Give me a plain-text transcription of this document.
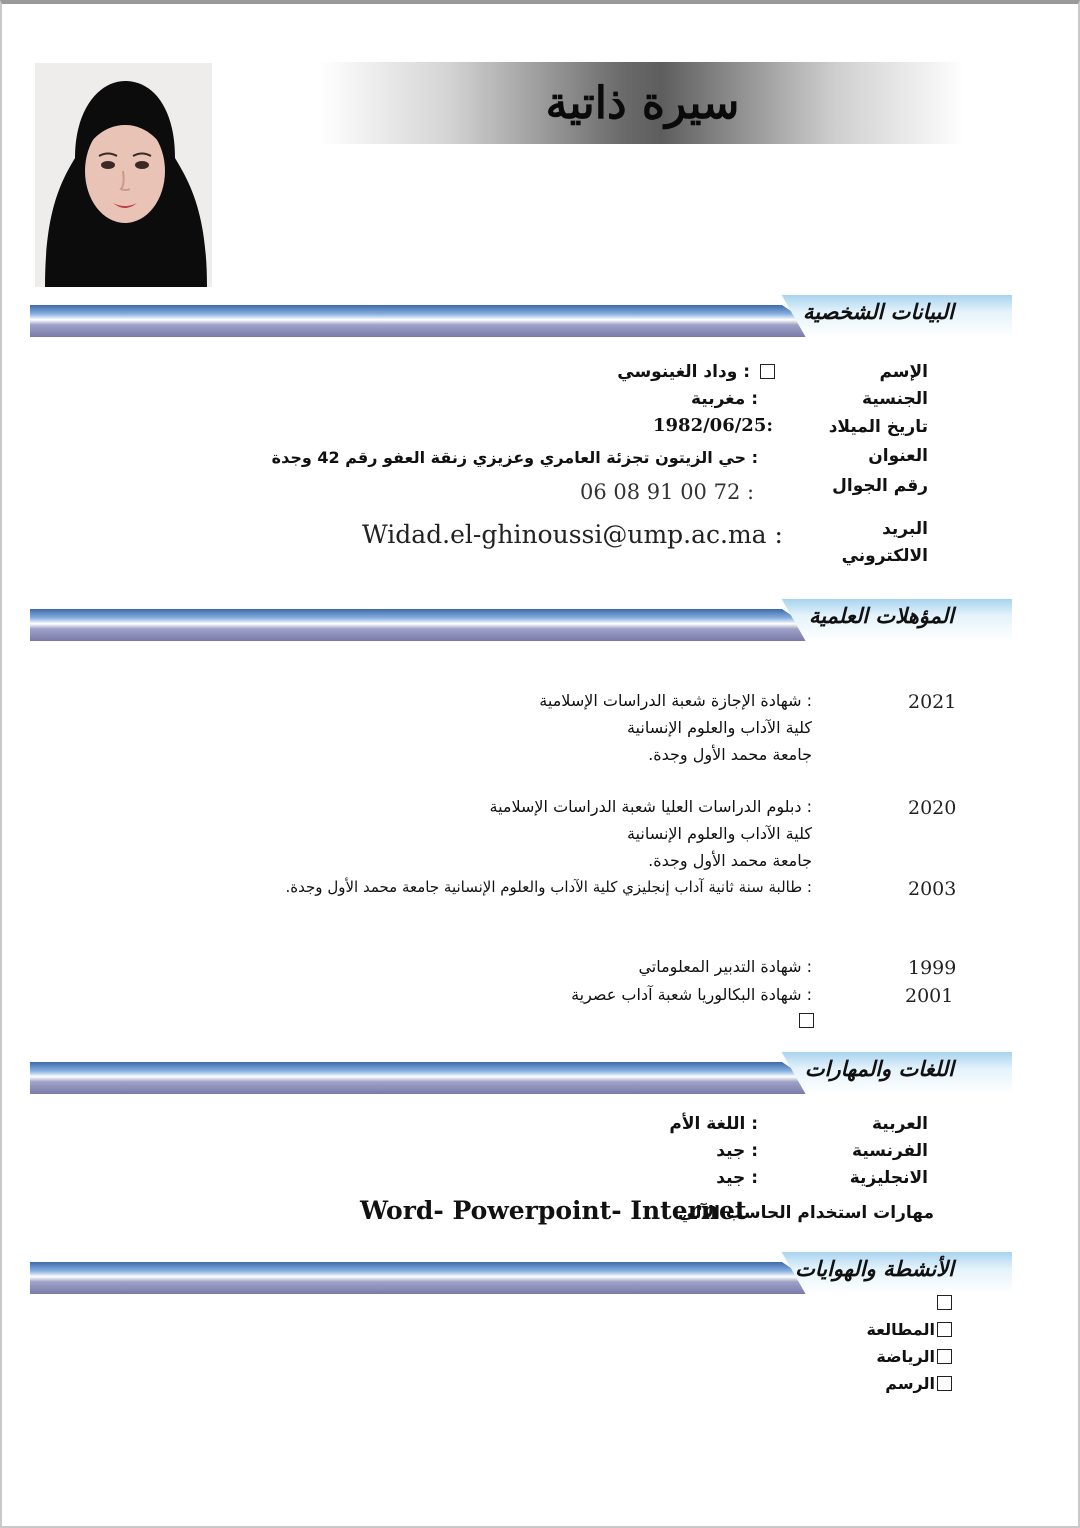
سيرة ذاتية
البيانات الشخصية
الإسم
: وداد الغينوسي
الجنسية
: مغربية
تاريخ الميلاد
1982/06/25:
العنوان
: حي الزيتون تجزئة العامري وعزيزي زنقة العفو رقم 42 وجدة
رقم الجوال
06 08 91 00 72 :
البريد
الالكتروني
Widad.el-ghinoussi@ump.ac.ma :
المؤهلات العلمية
2021
: شهادة الإجازة شعبة الدراسات الإسلامية
كلية الآداب والعلوم الإنسانية
جامعة محمد الأول وجدة.
2020
: دبلوم الدراسات العليا شعبة الدراسات الإسلامية
كلية الآداب والعلوم الإنسانية
جامعة محمد الأول وجدة.
2003
: طالبة سنة ثانية آداب إنجليزي كلية الآداب والعلوم الإنسانية جامعة محمد الأول وجدة.
1999
: شهادة التدبير المعلوماتي
2001
: شهادة البكالوريا شعبة آداب عصرية
اللغات والمهارات
العربية
: اللغة الأم
الفرنسية
: جيد
الانجليزية
: جيد
مهارات استخدام الحاسب الآلي
Word- Powerpoint- Internet
الأنشطة والهوايات
المطالعة
الرياضة
الرسم
